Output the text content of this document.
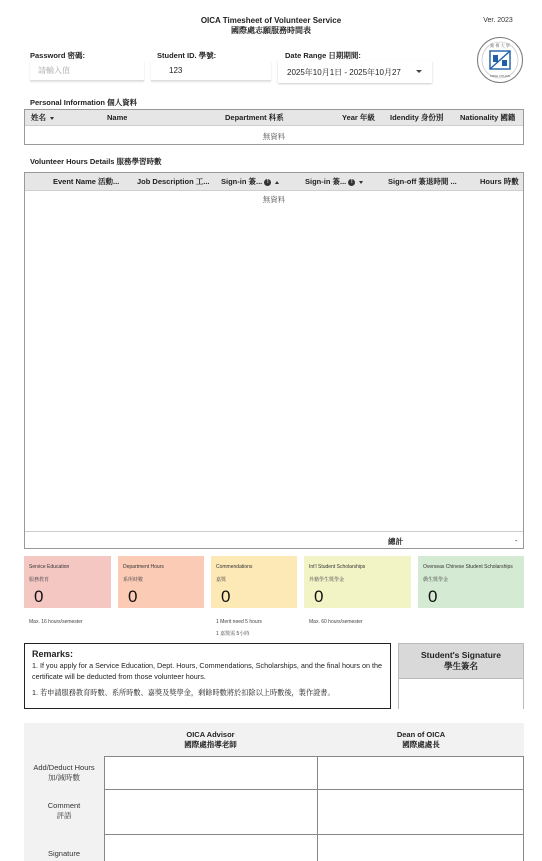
OICA Timesheet of Volunteer Service
國際處志願服務時間表
Ver. 2023
銘 傳 大 學
MING CHUAN
Password 密碼:	Student ID. 學號:
123	Date Range 日期期間:
2025年10月1日 - 2025年10月27
Personal Information 個人資料
姓名	Name	Department 科系	Year 年級 Idendity 身份別 Nationality 國籍
無資料
Volunteer Hours Details 服務學習時數
Event Name 活動...	Job Description 工...	Sign-in 簽... !	Sign-in 簽... !	Sign-off 簽退時間 ...	Hours 時數
無資料
總計	-
Service Education
服務教育
0
Department Hours
系所時數
0
Commendations
嘉獎
0
Int'l Student Scholarships
外籍學生獎學金
0
Overseas Chinese Student Scholarships
僑生獎學金
0
Max. 16 hours/semester	1 Merit need 5 hours
1 嘉獎需 5小時
Max. 60 hours/semester
Remarks:
1. If you apply for a Service Education, Dept. Hours, Commendations, Scholarships, and the final hours on the certificate will be deducted from those volunteer hours.
1. 若申請服務教育時數、系所時數、嘉獎及獎學金，剩餘時數將於扣除以上時數後，製作證書。
Student's Signature
學生簽名
OICA Advisor
國際處指導老師
Dean of OICA
國際處處長
Add/Deduct Hours
加/減時數
Comment
評語
Signature
